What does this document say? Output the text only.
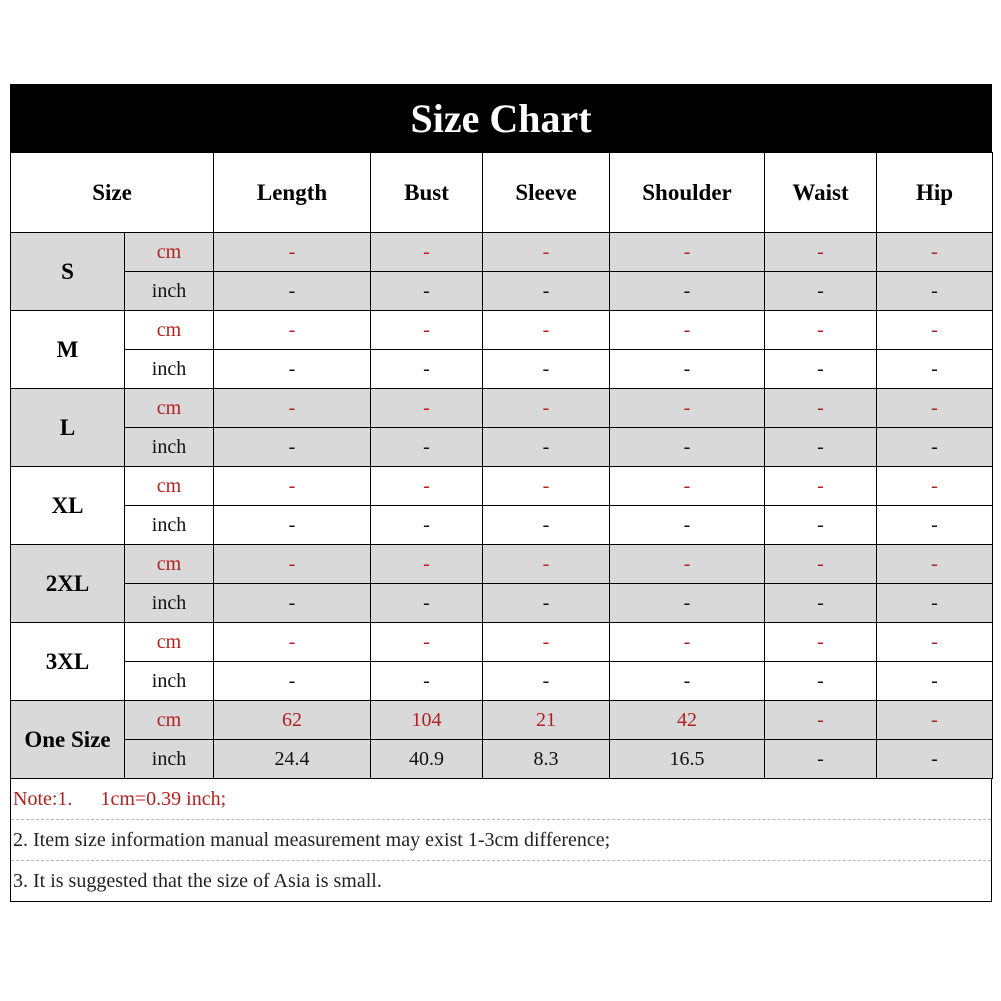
Size Chart
Size		Length	Bust	Sleeve	Shoulder	Waist	Hip
S	cm	-	-	-	-	-	-
	inch	-	-	-	-	-	-
M	cm	-	-	-	-	-	-
	inch	-	-	-	-	-	-
L	cm	-	-	-	-	-	-
	inch	-	-	-	-	-	-
XL	cm	-	-	-	-	-	-
	inch	-	-	-	-	-	-
2XL	cm	-	-	-	-	-	-
	inch	-	-	-	-	-	-
3XL	cm	-	-	-	-	-	-
	inch	-	-	-	-	-	-
One Size	cm	62	104	21	42	-	-
	inch	24.4	40.9	8.3	16.5	-	-
Note:1. 1cm=0.39 inch;
2. Item size information manual measurement may exist 1-3cm difference;
3. It is suggested that the size of Asia is small.
